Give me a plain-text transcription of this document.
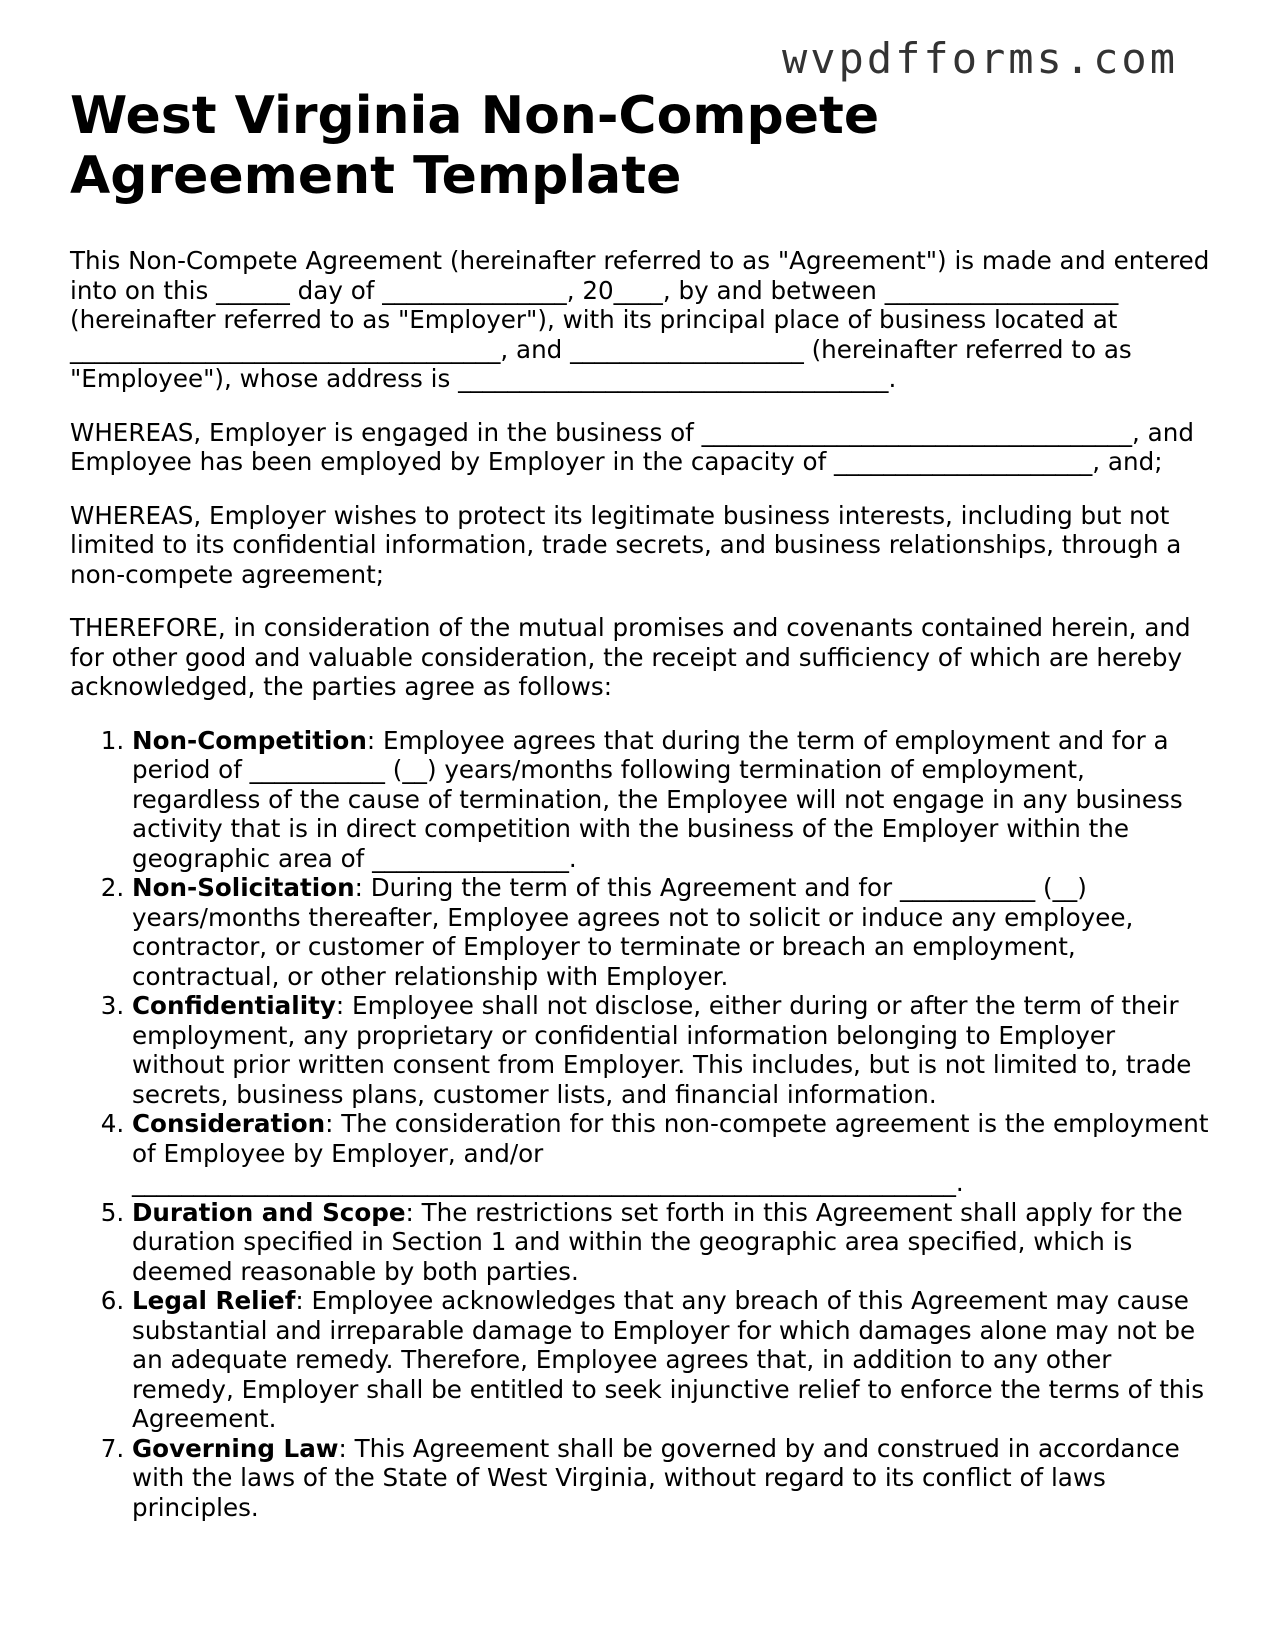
wvpdfforms.com
West Virginia Non-Compete Agreement Template

This Non-Compete Agreement (hereinafter referred to as "Agreement") is made and entered into on this ______ day of _______________, 20____, by and between ___________________ (hereinafter referred to as "Employer"), with its principal place of business located at ___________________________________, and ___________________ (hereinafter referred to as "Employee"), whose address is ___________________________________.

WHEREAS, Employer is engaged in the business of ___________________________________, and Employee has been employed by Employer in the capacity of _____________________, and;

WHEREAS, Employer wishes to protect its legitimate business interests, including but not limited to its confidential information, trade secrets, and business relationships, through a non-compete agreement;

THEREFORE, in consideration of the mutual promises and covenants contained herein, and for other good and valuable consideration, the receipt and sufficiency of which are hereby acknowledged, the parties agree as follows:

1. Non-Competition: Employee agrees that during the term of employment and for a period of ___________ (__) years/months following termination of employment, regardless of the cause of termination, the Employee will not engage in any business activity that is in direct competition with the business of the Employer within the geographic area of ________________.
2. Non-Solicitation: During the term of this Agreement and for ___________ (__) years/months thereafter, Employee agrees not to solicit or induce any employee, contractor, or customer of Employer to terminate or breach an employment, contractual, or other relationship with Employer.
3. Confidentiality: Employee shall not disclose, either during or after the term of their employment, any proprietary or confidential information belonging to Employer without prior written consent from Employer. This includes, but is not limited to, trade secrets, business plans, customer lists, and financial information.
4. Consideration: The consideration for this non-compete agreement is the employment of Employee by Employer, and/or ___________________________________________________________________.
5. Duration and Scope: The restrictions set forth in this Agreement shall apply for the duration specified in Section 1 and within the geographic area specified, which is deemed reasonable by both parties.
6. Legal Relief: Employee acknowledges that any breach of this Agreement may cause substantial and irreparable damage to Employer for which damages alone may not be an adequate remedy. Therefore, Employee agrees that, in addition to any other remedy, Employer shall be entitled to seek injunctive relief to enforce the terms of this Agreement.
7. Governing Law: This Agreement shall be governed by and construed in accordance with the laws of the State of West Virginia, without regard to its conflict of laws principles.
